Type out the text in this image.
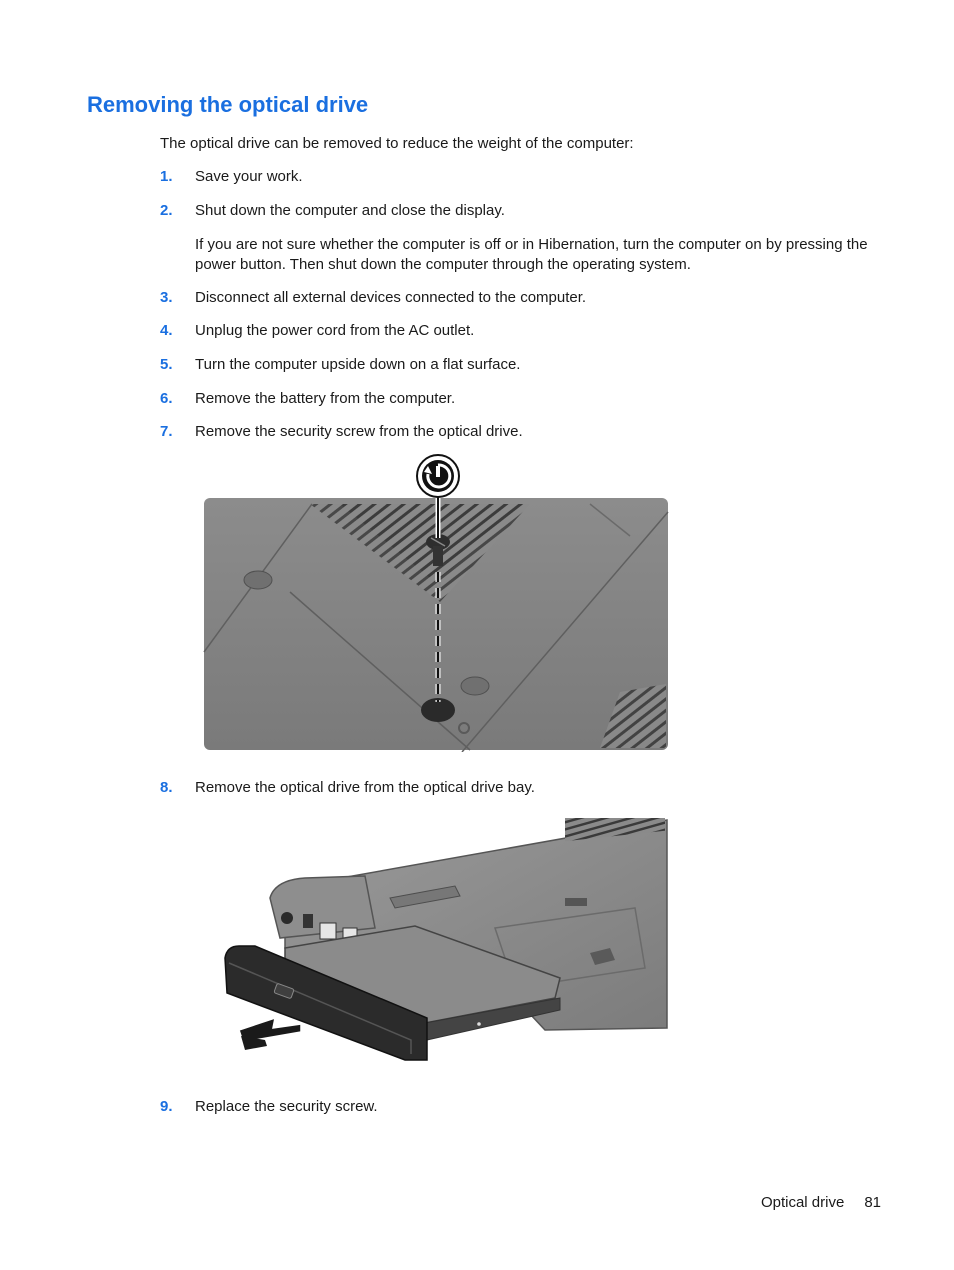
Removing the optical drive
The optical drive can be removed to reduce the weight of the computer:
1. Save your work.
2. Shut down the computer and close the display.
If you are not sure whether the computer is off or in Hibernation, turn the computer on by pressing the power button. Then shut down the computer through the operating system.
3. Disconnect all external devices connected to the computer.
4. Unplug the power cord from the AC outlet.
5. Turn the computer upside down on a flat surface.
6. Remove the battery from the computer.
7. Remove the security screw from the optical drive.
8. Remove the optical drive from the optical drive bay.
9. Replace the security screw.
Optical drive 81
